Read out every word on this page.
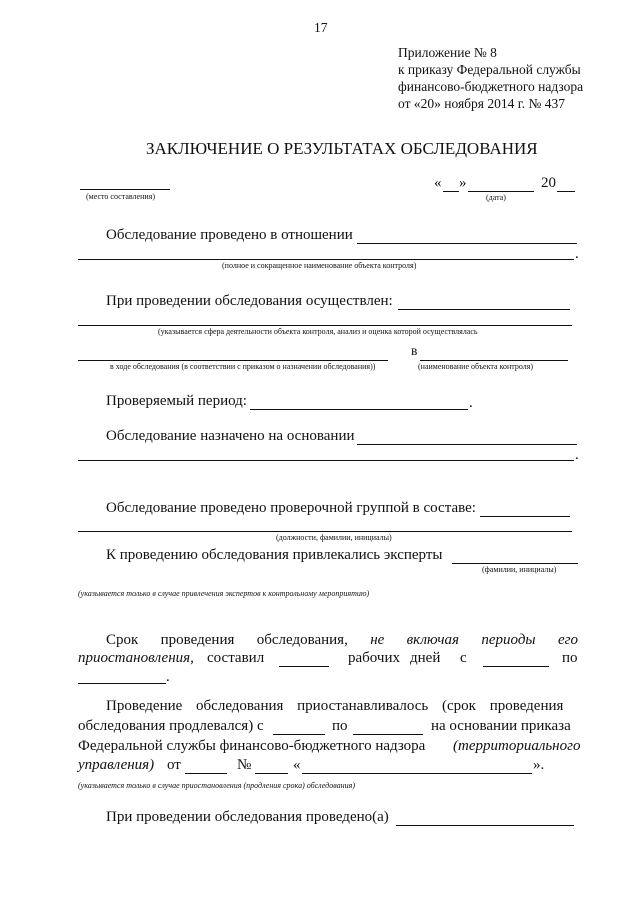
17
Приложение № 8
к приказу Федеральной службы
финансово-бюджетного надзора
от «20» ноября 2014 г. № 437
ЗАКЛЮЧЕНИЕ О РЕЗУЛЬТАТАХ ОБСЛЕДОВАНИЯ
(место составления)
« »	20
(дата)
Обследование проведено в отношении
.
(полное и сокращенное наименование объекта контроля)
При проведении обследования осуществлен:
(указывается сфера деятельности объекта контроля, анализ и оценка которой осуществлялась
в
в ходе обследования (в соответствии с приказом о назначении обследования))	(наименование объекта контроля)
Проверяемый период:	.
Обследование назначено на основании
.
Обследование проведено проверочной группой в составе:
(должности, фамилии, инициалы)
К проведению обследования привлекались эксперты
(фамилии, инициалы)
(указывается только в случае привлечения экспертов к контрольному мероприятию)
Срок проведения обследования, не включая периоды его
приостановления, составил	рабочих дней с	по
.
Проведение обследования приостанавливалось (срок проведения
обследования продлевался) с	по	на основании приказа
Федеральной службы финансово-бюджетного надзора (территориального
управления) от	№	«	».
(указывается только в случае приостановления (продления срока) обследования)
При проведении обследования проведено(а)
